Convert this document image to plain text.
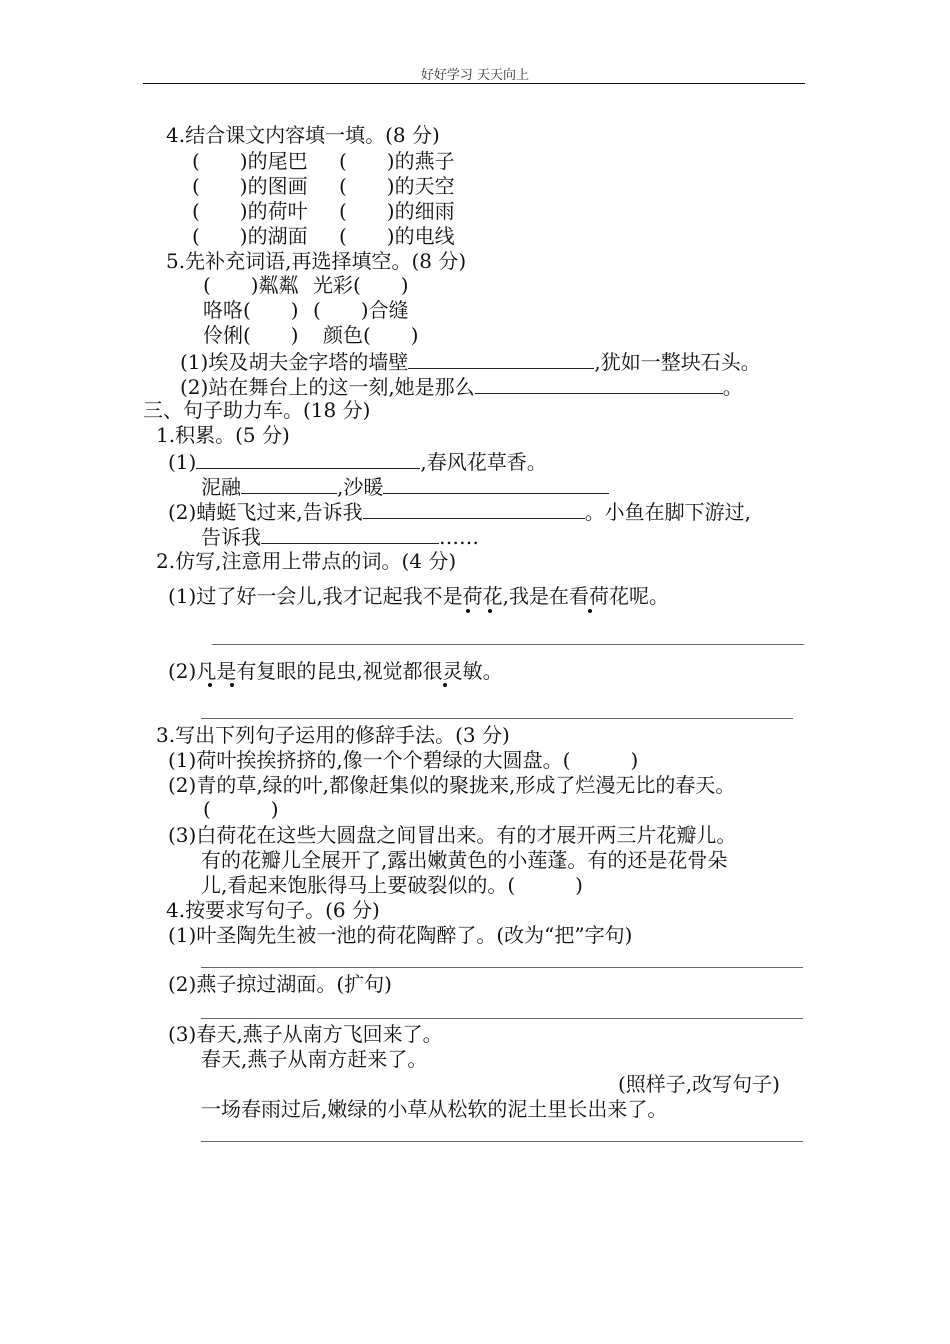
好好学习 天天向上
4.结合课文内容填一填。(8 分)
(　　)的尾巴 (　　)的燕子
(　　)的图画 (　　)的天空
(　　)的荷叶 (　　)的细雨
(　　)的湖面 (　　)的电线
5.先补充词语,再选择填空。(8 分)
(　　)粼粼 光彩(　　)
咯咯(　　) (　　)合缝
伶俐(　　) 颜色(　　)
(1)埃及胡夫金字塔的墙壁	,犹如一整块石头。
(2)站在舞台上的这一刻,她是那么	。
三、句子助力车。(18 分)
1.积累。(5 分)
(1)	,春风花草香。
泥融	,沙暖
(2)蜻蜓飞过来,告诉我	。小鱼在脚下游过,
告诉我	……
2.仿写,注意用上带点的词。(4 分)
(1)过了好一会儿,我才记起我不是荷花,我是在看荷花呢。
(2)凡是有复眼的昆虫,视觉都很灵敏。
3.写出下列句子运用的修辞手法。(3 分)
(1)荷叶挨挨挤挤的,像一个个碧绿的大圆盘。(　　　)
(2)青的草,绿的叶,都像赶集似的聚拢来,形成了烂漫无比的春天。
(　　　)
(3)白荷花在这些大圆盘之间冒出来。有的才展开两三片花瓣儿。
有的花瓣儿全展开了,露出嫩黄色的小莲蓬。有的还是花骨朵
儿,看起来饱胀得马上要破裂似的。(　　　)
4.按要求写句子。(6 分)
(1)叶圣陶先生被一池的荷花陶醉了。(改为“把”字句)
(2)燕子掠过湖面。(扩句)
(3)春天,燕子从南方飞回来了。
春天,燕子从南方赶来了。
(照样子,改写句子)
一场春雨过后,嫩绿的小草从松软的泥土里长出来了。
